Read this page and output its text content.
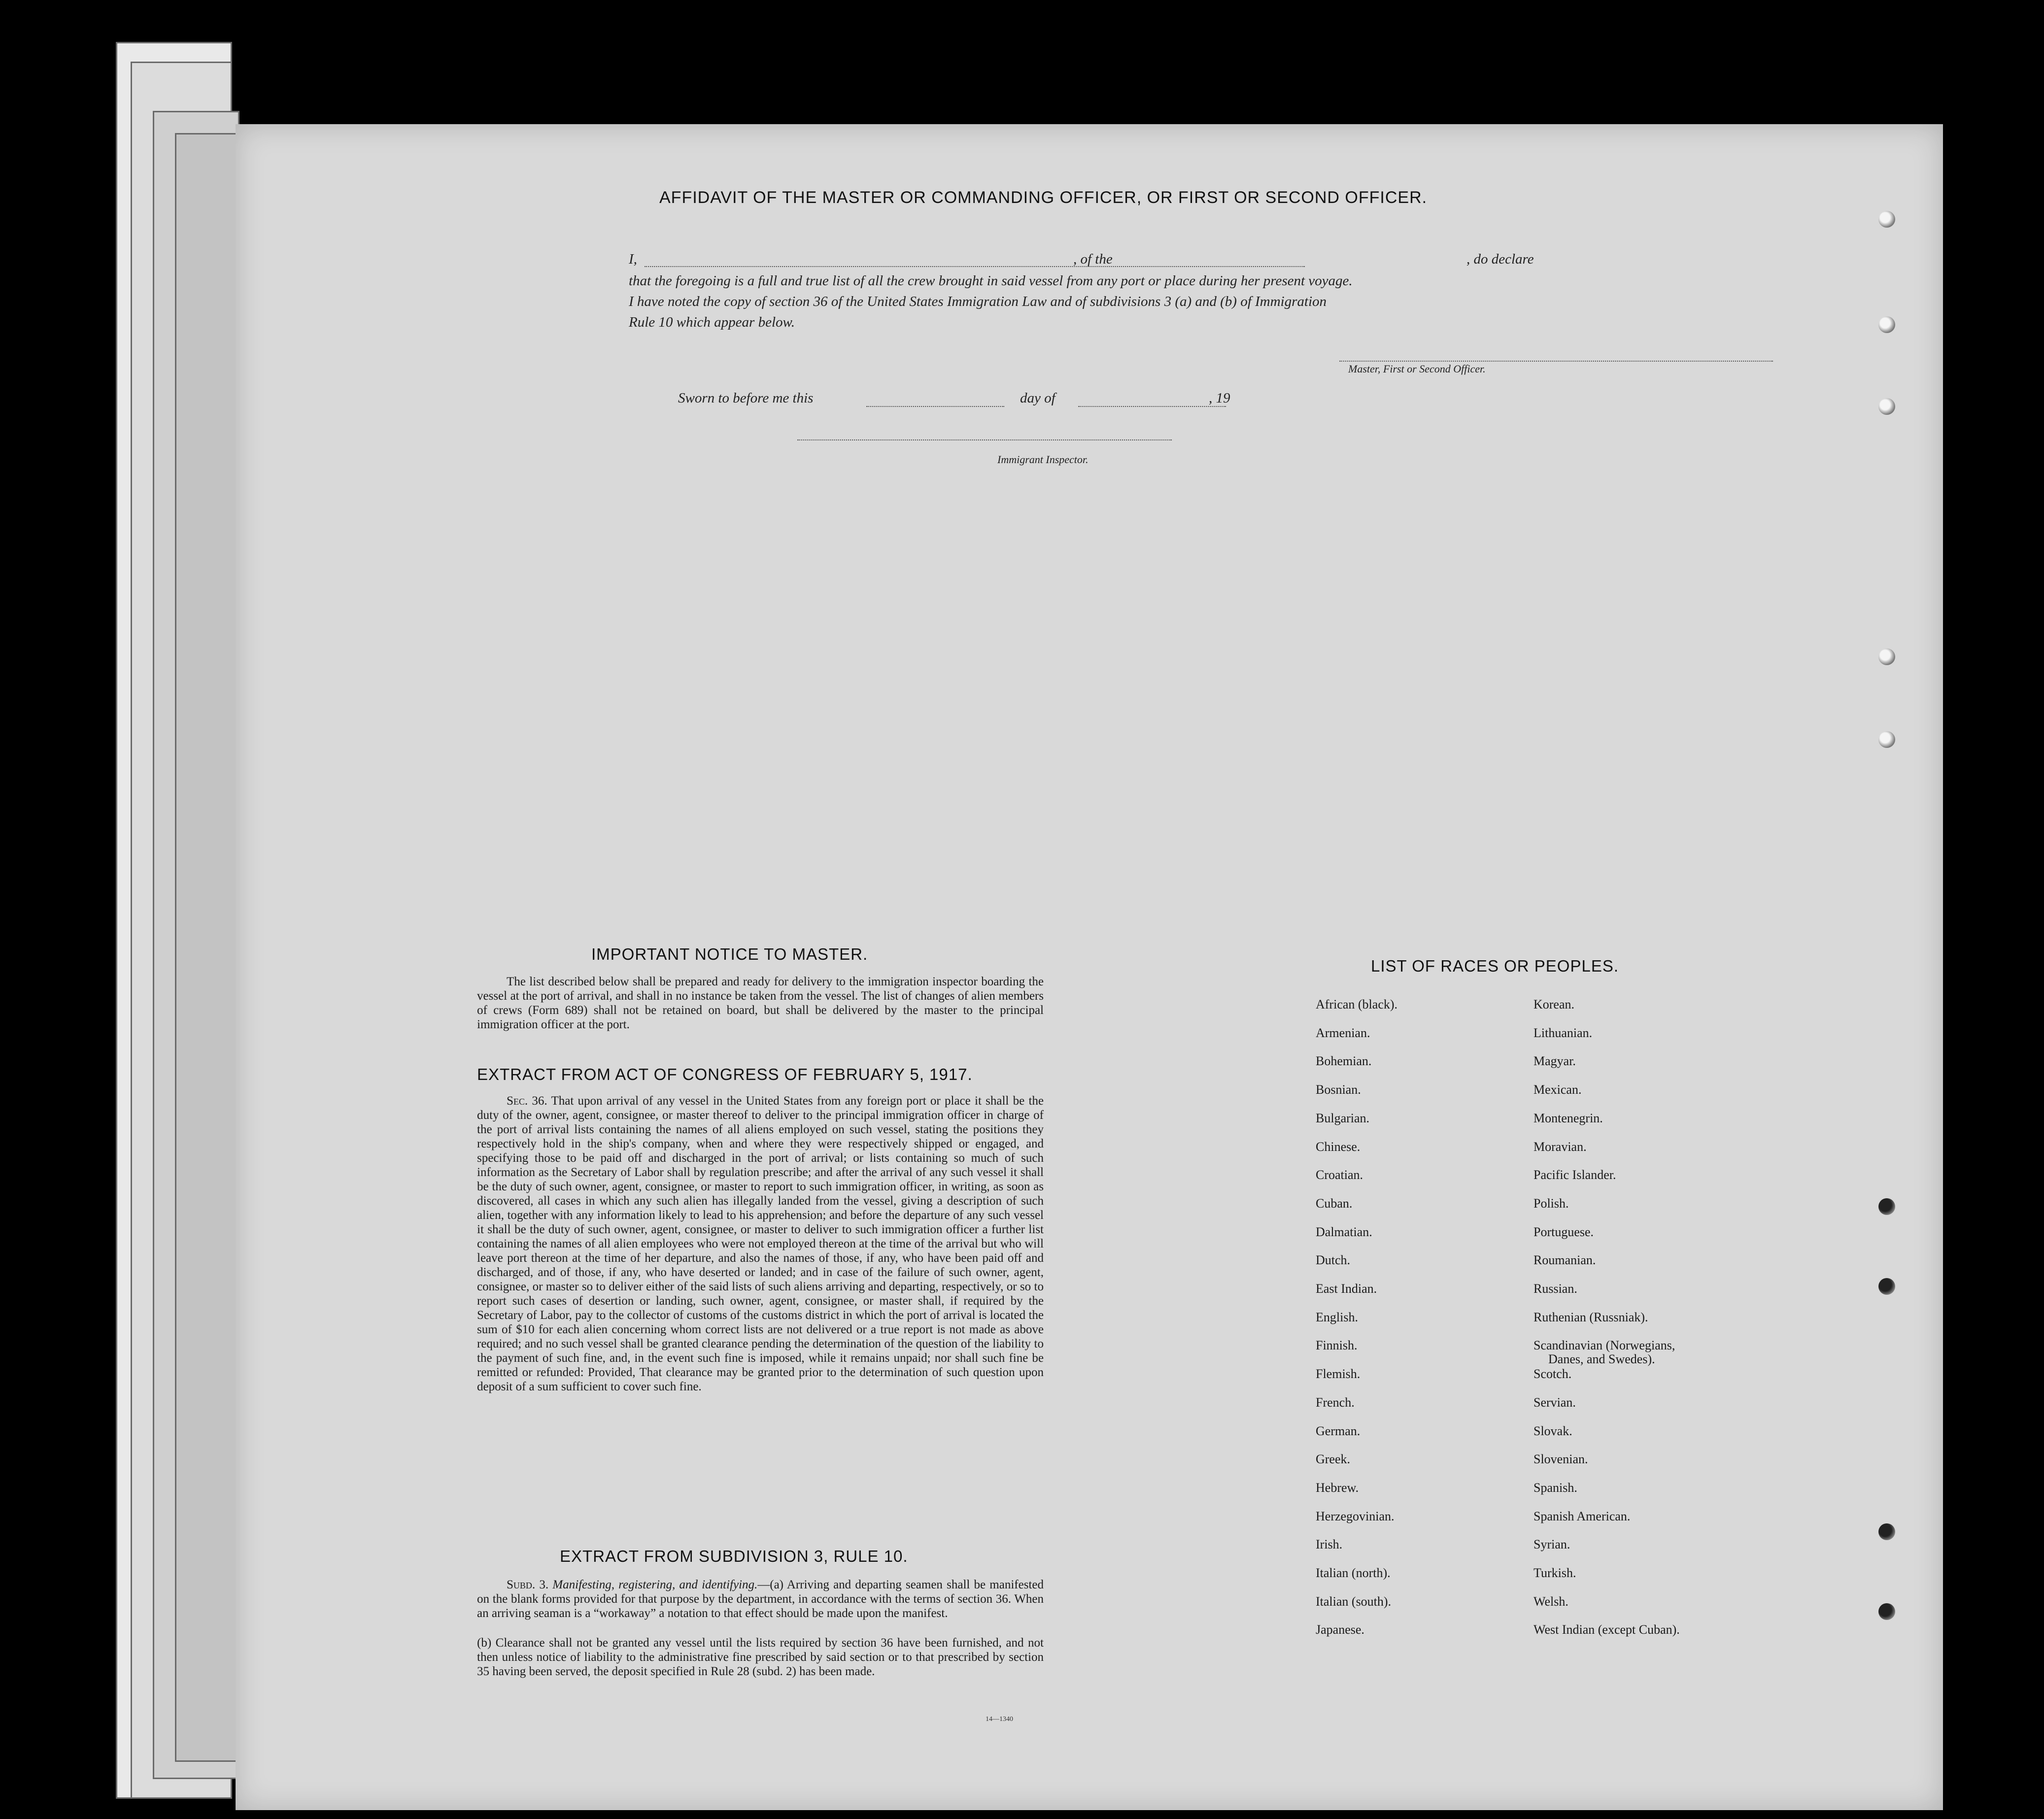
AFFIDAVIT OF THE MASTER OR COMMANDING OFFICER, OR FIRST OR SECOND OFFICER.
I,	, of the	, do declare
that the foregoing is a full and true list of all the crew brought in said vessel from any port or place during her present voyage.
I have noted the copy of section 36 of the United States Immigration Law and of subdivisions 3 (a) and (b) of Immigration
Rule 10 which appear below.
Master, First or Second Officer.
Sworn to before me this	day of	, 19
Immigrant Inspector.
IMPORTANT NOTICE TO MASTER.
The list described below shall be prepared and ready for delivery to the immigration inspector boarding the vessel at the port of arrival, and shall in no instance be taken from the vessel. The list of changes of alien members of crews (Form 689) shall not be retained on board, but shall be delivered by the master to the principal immigration officer at the port.
EXTRACT FROM ACT OF CONGRESS OF FEBRUARY 5, 1917.
Sec. 36. That upon arrival of any vessel in the United States from any foreign port or place it shall be the duty of the owner, agent, consignee, or master thereof to deliver to the principal immigration officer in charge of the port of arrival lists containing the names of all aliens employed on such vessel, stating the positions they respectively hold in the ship's company, when and where they were respectively shipped or engaged, and specifying those to be paid off and discharged in the port of arrival; or lists containing so much of such information as the Secretary of Labor shall by regulation prescribe; and after the arrival of any such vessel it shall be the duty of such owner, agent, consignee, or master to report to such immigration officer, in writing, as soon as discovered, all cases in which any such alien has illegally landed from the vessel, giving a description of such alien, together with any information likely to lead to his apprehension; and before the departure of any such vessel it shall be the duty of such owner, agent, consignee, or master to deliver to such immigration officer a further list containing the names of all alien employees who were not employed thereon at the time of the arrival but who will leave port thereon at the time of her departure, and also the names of those, if any, who have been paid off and discharged, and of those, if any, who have deserted or landed; and in case of the failure of such owner, agent, consignee, or master so to deliver either of the said lists of such aliens arriving and departing, respectively, or so to report such cases of desertion or landing, such owner, agent, consignee, or master shall, if required by the Secretary of Labor, pay to the collector of customs of the customs district in which the port of arrival is located the sum of $10 for each alien concerning whom correct lists are not delivered or a true report is not made as above required; and no such vessel shall be granted clearance pending the determination of the question of the liability to the payment of such fine, and, in the event such fine is imposed, while it remains unpaid; nor shall such fine be remitted or refunded: Provided, That clearance may be granted prior to the determination of such question upon deposit of a sum sufficient to cover such fine.
EXTRACT FROM SUBDIVISION 3, RULE 10.
Subd. 3. Manifesting, registering, and identifying.—(a) Arriving and departing seamen shall be manifested on the blank forms provided for that purpose by the department, in accordance with the terms of section 36. When an arriving seaman is a “workaway” a notation to that effect should be made upon the manifest.
(b) Clearance shall not be granted any vessel until the lists required by section 36 have been furnished, and not then unless notice of liability to the administrative fine prescribed by said section or to that prescribed by section 35 having been served, the deposit specified in Rule 28 (subd. 2) has been made.
14—1340
LIST OF RACES OR PEOPLES.
African (black).
Armenian.
Bohemian.
Bosnian.
Bulgarian.
Chinese.
Croatian.
Cuban.
Dalmatian.
Dutch.
East Indian.
English.
Finnish.
Flemish.
French.
German.
Greek.
Hebrew.
Herzegovinian.
Irish.
Italian (north).
Italian (south).
Japanese.
Korean.
Lithuanian.
Magyar.
Mexican.
Montenegrin.
Moravian.
Pacific Islander.
Polish.
Portuguese.
Roumanian.
Russian.
Ruthenian (Russniak).
Scandinavian (Norwegians,
Danes, and Swedes).
Scotch.
Servian.
Slovak.
Slovenian.
Spanish.
Spanish American.
Syrian.
Turkish.
Welsh.
West Indian (except Cuban).
